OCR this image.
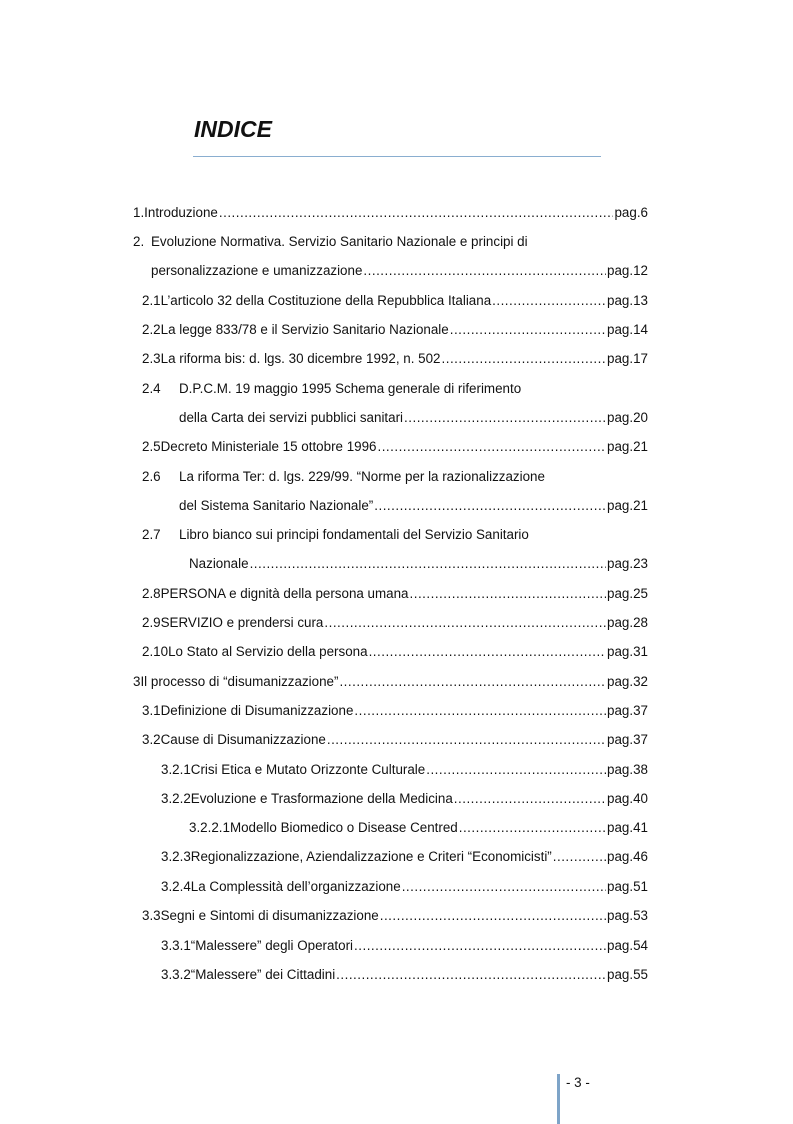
INDICE
1. Introduzione .....	pag.6
2. Evoluzione Normativa. Servizio Sanitario Nazionale e principi di
personalizzazione e umanizzazione .....	pag.12
2.1 L’articolo 32 della Costituzione della Repubblica Italiana .....	pag.13
2.2 La legge 833/78 e il Servizio Sanitario Nazionale .....	pag.14
2.3 La riforma bis: d. lgs. 30 dicembre 1992, n. 502 .....	pag.17
2.4	D.P.C.M. 19 maggio 1995 Schema generale di riferimento
della Carta dei servizi pubblici sanitari .....	pag.20
2.5 Decreto Ministeriale 15 ottobre 1996 .....	pag.21
2.6	La riforma Ter: d. lgs. 229/99. “Norme per la razionalizzazione
del Sistema Sanitario Nazionale” .....	pag.21
2.7	Libro bianco sui principi fondamentali del Servizio Sanitario
Nazionale .....	pag.23
2.8 PERSONA e dignità della persona umana .....	pag.25
2.9 SERVIZIO e prendersi cura .....	pag.28
2.10 Lo Stato al Servizio della persona .....	pag.31
3 Il processo di “disumanizzazione” .....	pag.32
3.1 Definizione di Disumanizzazione .....	pag.37
3.2 Cause di Disumanizzazione .....	pag.37
3.2.1 Crisi Etica e Mutato Orizzonte Culturale .....	pag.38
3.2.2 Evoluzione e Trasformazione della Medicina .....	pag.40
3.2.2.1 Modello Biomedico o Disease Centred .....	pag.41
3.2.3 Regionalizzazione, Aziendalizzazione e Criteri “Economicisti” .....	pag.46
3.2.4 La Complessità dell’organizzazione .....	pag.51
3.3 Segni e Sintomi di disumanizzazione .....	pag.53
3.3.1 “Malessere” degli Operatori .....	pag.54
3.3.2 “Malessere” dei Cittadini .....	pag.55
- 3 -
